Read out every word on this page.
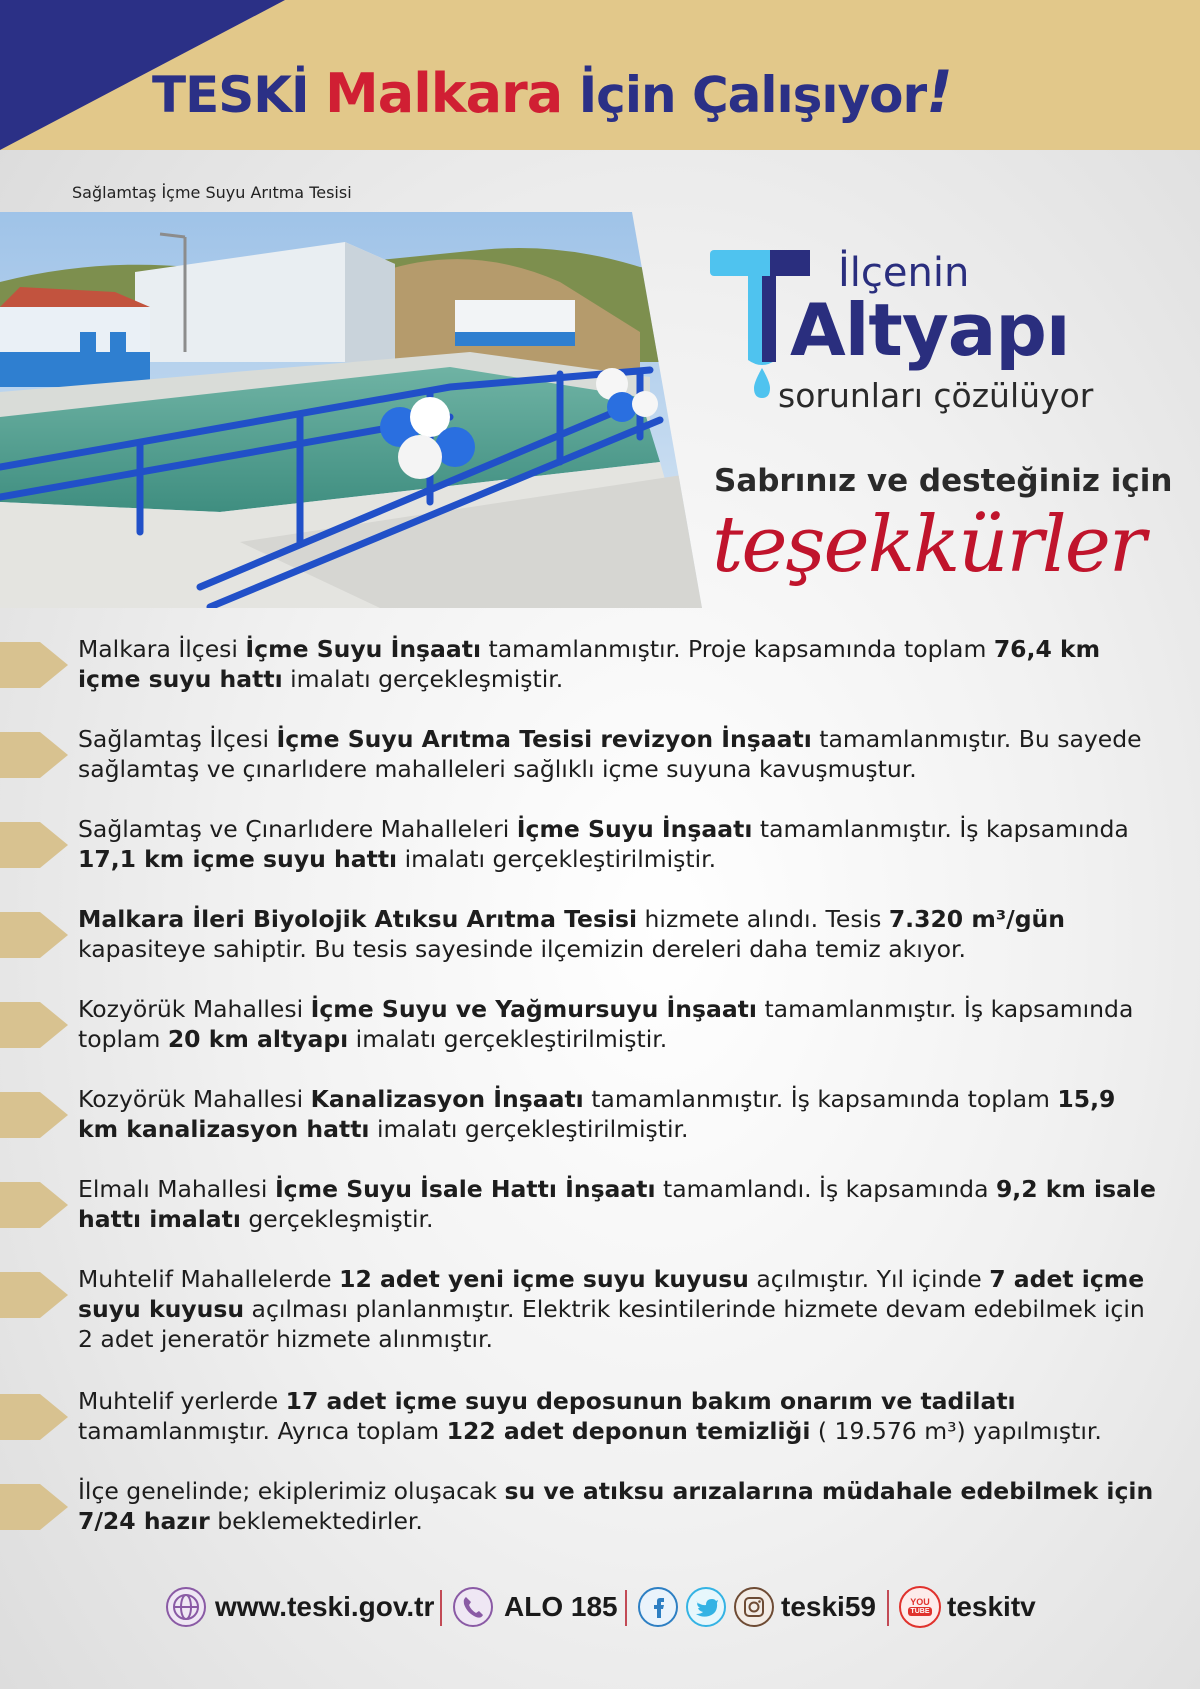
TESKİ Malkara İçin Çalışıyor!
Sağlamtaş İçme Suyu Arıtma Tesisi
İlçenin
Altyapı
sorunları çözülüyor
Sabrınız ve desteğiniz için
teşekkürler
Malkara İlçesi İçme Suyu İnşaatı tamamlanmıştır. Proje kapsamında toplam 76,4 km içme suyu hattı imalatı gerçekleşmiştir.
Sağlamtaş İlçesi İçme Suyu Arıtma Tesisi revizyon İnşaatı tamamlanmıştır. Bu sayede sağlamtaş ve çınarlıdere mahalleleri sağlıklı içme suyuna kavuşmuştur.
Sağlamtaş ve Çınarlıdere Mahalleleri İçme Suyu İnşaatı tamamlanmıştır. İş kapsamında 17,1 km içme suyu hattı imalatı gerçekleştirilmiştir.
Malkara İleri Biyolojik Atıksu Arıtma Tesisi hizmete alındı. Tesis 7.320 m³/gün kapasiteye sahiptir. Bu tesis sayesinde ilçemizin dereleri daha temiz akıyor.
Kozyörük Mahallesi İçme Suyu ve Yağmursuyu İnşaatı tamamlanmıştır. İş kapsamında toplam 20 km altyapı imalatı gerçekleştirilmiştir.
Kozyörük Mahallesi Kanalizasyon İnşaatı tamamlanmıştır. İş kapsamında toplam 15,9 km kanalizasyon hattı imalatı gerçekleştirilmiştir.
Elmalı Mahallesi İçme Suyu İsale Hattı İnşaatı tamamlandı. İş kapsamında 9,2 km isale hattı imalatı gerçekleşmiştir.
Muhtelif Mahallelerde 12 adet yeni içme suyu kuyusu açılmıştır. Yıl içinde 7 adet içme suyu kuyusu açılması planlanmıştır. Elektrik kesintilerinde hizmete devam edebilmek için 2 adet jeneratör hizmete alınmıştır.
Muhtelif yerlerde 17 adet içme suyu deposunun bakım onarım ve tadilatı tamamlanmıştır. Ayrıca toplam 122 adet deponun temizliği ( 19.576 m³) yapılmıştır.
İlçe genelinde; ekiplerimiz oluşacak su ve atıksu arızalarına müdahale edebilmek için 7/24 hazır beklemektedirler.
www.teski.gov.tr ALO 185	teski59	YOU
TUBE teskitv
